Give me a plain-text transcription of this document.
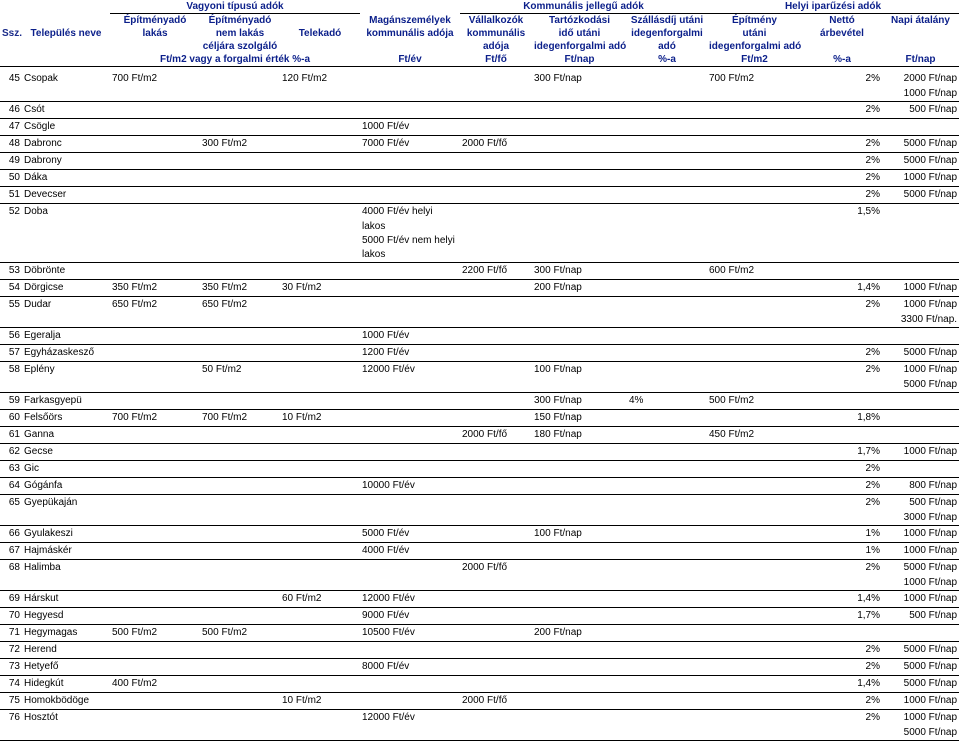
		Vagyoni típusú adók				Kommunális jellegű adók			Helyi iparűzési adók		
		Építményadó	Építményadó		Magánszemélyek	Vállalkozók	Tartózkodási	Szállásdíj utáni	Építmény	Nettó	Napi átalány
Ssz.	Település neve	lakás	nem lakás	Telekadó	kommunális adója	kommunális	idő utáni	idegenforgalmi	utáni	árbevétel	
			céljára szolgáló			adója	idegenforgalmi adó	adó	idegenforgalmi adó		
		Ft/m2 vagy a forgalmi érték %-a			Ft/év	Ft/fő	Ft/nap	%-a	Ft/m2	%-a	Ft/nap

45	Csopak	700 Ft/m2		120 Ft/m2			300 Ft/nap		700 Ft/m2	2%	2000 Ft/nap
											1000 Ft/nap
46	Csót									2%	500 Ft/nap
47	Csögle				1000 Ft/év						
48	Dabronc		300 Ft/m2		7000 Ft/év	2000 Ft/fő				2%	5000 Ft/nap
49	Dabrony									2%	5000 Ft/nap
50	Dáka									2%	1000 Ft/nap
51	Devecser									2%	5000 Ft/nap
52	Doba				4000 Ft/év helyi					1,5%	
					lakos						
					5000 Ft/év nem helyi						
					lakos						
53	Döbrönte					2200 Ft/fő	300 Ft/nap		600 Ft/m2		
54	Dörgicse	350 Ft/m2	350 Ft/m2	30 Ft/m2			200 Ft/nap			1,4%	1000 Ft/nap
55	Dudar	650 Ft/m2	650 Ft/m2							2%	1000 Ft/nap
											3300 Ft/nap.
56	Egeralja				1000 Ft/év						
57	Egyházaskesző				1200 Ft/év					2%	5000 Ft/nap
58	Eplény		50 Ft/m2		12000 Ft/év		100 Ft/nap			2%	1000 Ft/nap
											5000 Ft/nap
59	Farkasgyepü						300 Ft/nap	4%	500 Ft/m2		
60	Felsőörs	700 Ft/m2	700 Ft/m2	10 Ft/m2			150 Ft/nap			1,8%	
61	Ganna					2000 Ft/fő	180 Ft/nap		450 Ft/m2		
62	Gecse									1,7%	1000 Ft/nap
63	Gic									2%	
64	Gógánfa				10000 Ft/év					2%	800 Ft/nap
65	Gyepükaján									2%	500 Ft/nap
											3000 Ft/nap
66	Gyulakeszi				5000 Ft/év		100 Ft/nap			1%	1000 Ft/nap
67	Hajmáskér				4000 Ft/év					1%	1000 Ft/nap
68	Halimba					2000 Ft/fő				2%	5000 Ft/nap
											1000 Ft/nap
69	Hárskut			60 Ft/m2	12000 Ft/év					1,4%	1000 Ft/nap
70	Hegyesd				9000 Ft/év					1,7%	500 Ft/nap
71	Hegymagas	500 Ft/m2	500 Ft/m2		10500 Ft/év		200 Ft/nap				
72	Herend									2%	5000 Ft/nap
73	Hetyefő				8000 Ft/év					2%	5000 Ft/nap
74	Hidegkút	400 Ft/m2								1,4%	5000 Ft/nap
75	Homokbödöge			10 Ft/m2		2000 Ft/fő				2%	1000 Ft/nap
76	Hosztót				12000 Ft/év					2%	1000 Ft/nap
											5000 Ft/nap
